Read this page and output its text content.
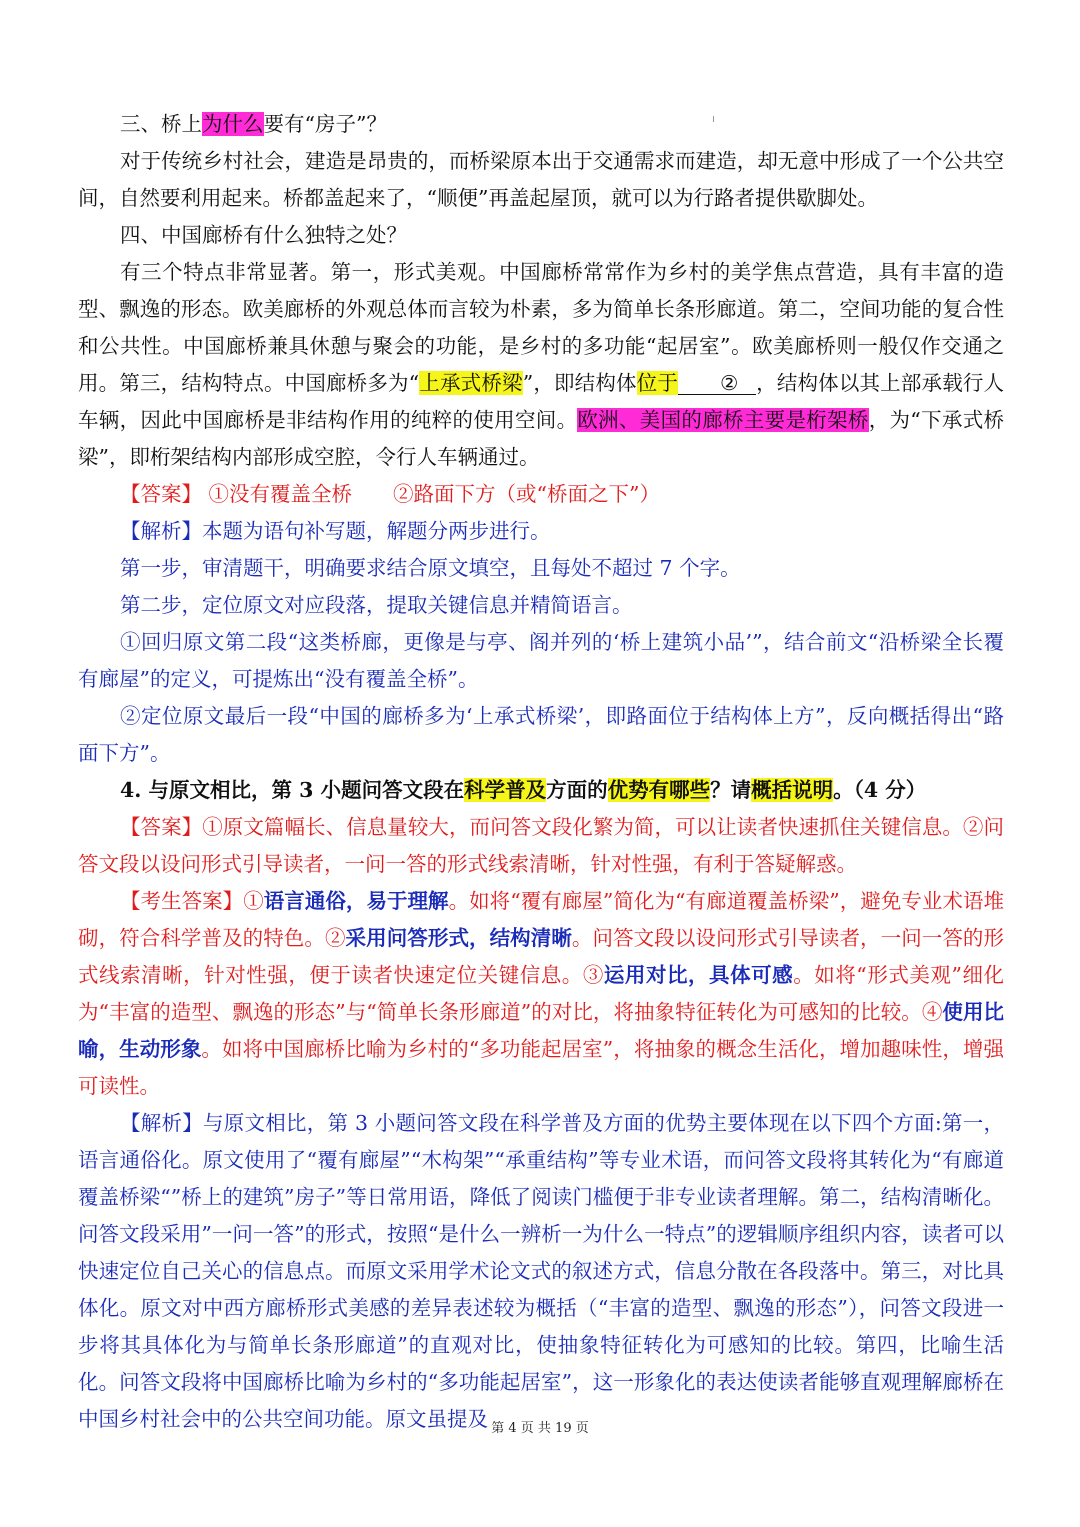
三、桥上为什么要有“房子”？

对于传统乡村社会，建造是昂贵的，而桥梁原本出于交通需求而建造，却无意中形成了一个公共空间，自然要利用起来。桥都盖起来了，“顺便”再盖起屋顶，就可以为行路者提供歇脚处。

四、中国廊桥有什么独特之处？

有三个特点非常显著。第一，形式美观。中国廊桥常常作为乡村的美学焦点营造，具有丰富的造型、飘逸的形态。欧美廊桥的外观总体而言较为朴素，多为简单长条形廊道。第二，空间功能的复合性和公共性。中国廊桥兼具休憩与聚会的功能，是乡村的多功能“起居室”。欧美廊桥则一般仅作交通之用。第三，结构特点。中国廊桥多为“上承式桥梁”，即结构体位于 ② ，结构体以其上部承载行人车辆，因此中国廊桥是非结构作用的纯粹的使用空间。欧洲、美国的廊桥主要是桁架桥，为“下承式桥梁”，即桁架结构内部形成空腔，令行人车辆通过。

【答案】 ①没有覆盖全桥　　②路面下方（或“桥面之下”）

【解析】本题为语句补写题，解题分两步进行。

第一步，审清题干，明确要求结合原文填空，且每处不超过 7 个字。

第二步，定位原文对应段落，提取关键信息并精简语言。

①回归原文第二段“这类桥廊，更像是与亭、阁并列的‘桥上建筑小品’”，结合前文“沿桥梁全长覆有廊屋”的定义，可提炼出“没有覆盖全桥”。

②定位原文最后一段“中国的廊桥多为‘上承式桥梁’，即路面位于结构体上方”，反向概括得出“路面下方”。

4. 与原文相比，第 3 小题问答文段在科学普及方面的优势有哪些？请概括说明。（4 分）

【答案】①原文篇幅长、信息量较大，而问答文段化繁为简，可以让读者快速抓住关键信息。②问答文段以设问形式引导读者，一问一答的形式线索清晰，针对性强，有利于答疑解惑。

【考生答案】①语言通俗，易于理解。如将“覆有廊屋”简化为“有廊道覆盖桥梁”，避免专业术语堆砌，符合科学普及的特色。②采用问答形式，结构清晰。问答文段以设问形式引导读者，一问一答的形式线索清晰，针对性强，便于读者快速定位关键信息。③运用对比，具体可感。如将“形式美观”细化为“丰富的造型、飘逸的形态”与“简单长条形廊道”的对比，将抽象特征转化为可感知的比较。④使用比喻，生动形象。如将中国廊桥比喻为乡村的“多功能起居室”，将抽象的概念生活化，增加趣味性，增强可读性。

【解析】与原文相比，第 3 小题问答文段在科学普及方面的优势主要体现在以下四个方面:第一，语言通俗化。原文使用了“覆有廊屋”“木构架”“承重结构”等专业术语，而问答文段将其转化为“有廊道覆盖桥梁“”桥上的建筑”房子”等日常用语，降低了阅读门槛便于非专业读者理解。第二，结构清晰化。问答文段采用”一问一答”的形式，按照“是什么一辨析一为什么一特点”的逻辑顺序组织内容，读者可以快速定位自己关心的信息点。而原文采用学术论文式的叙述方式，信息分散在各段落中。第三，对比具体化。原文对中西方廊桥形式美感的差异表述较为概括（“丰富的造型、飘逸的形态”），问答文段进一步将其具体化为与简单长条形廊道”的直观对比，使抽象特征转化为可感知的比较。第四，比喻生活化。问答文段将中国廊桥比喻为乡村的“多功能起居室”，这一形象化的表达使读者能够直观理解廊桥在中国乡村社会中的公共空间功能。原文虽提及 第 4 页 共 19 页
